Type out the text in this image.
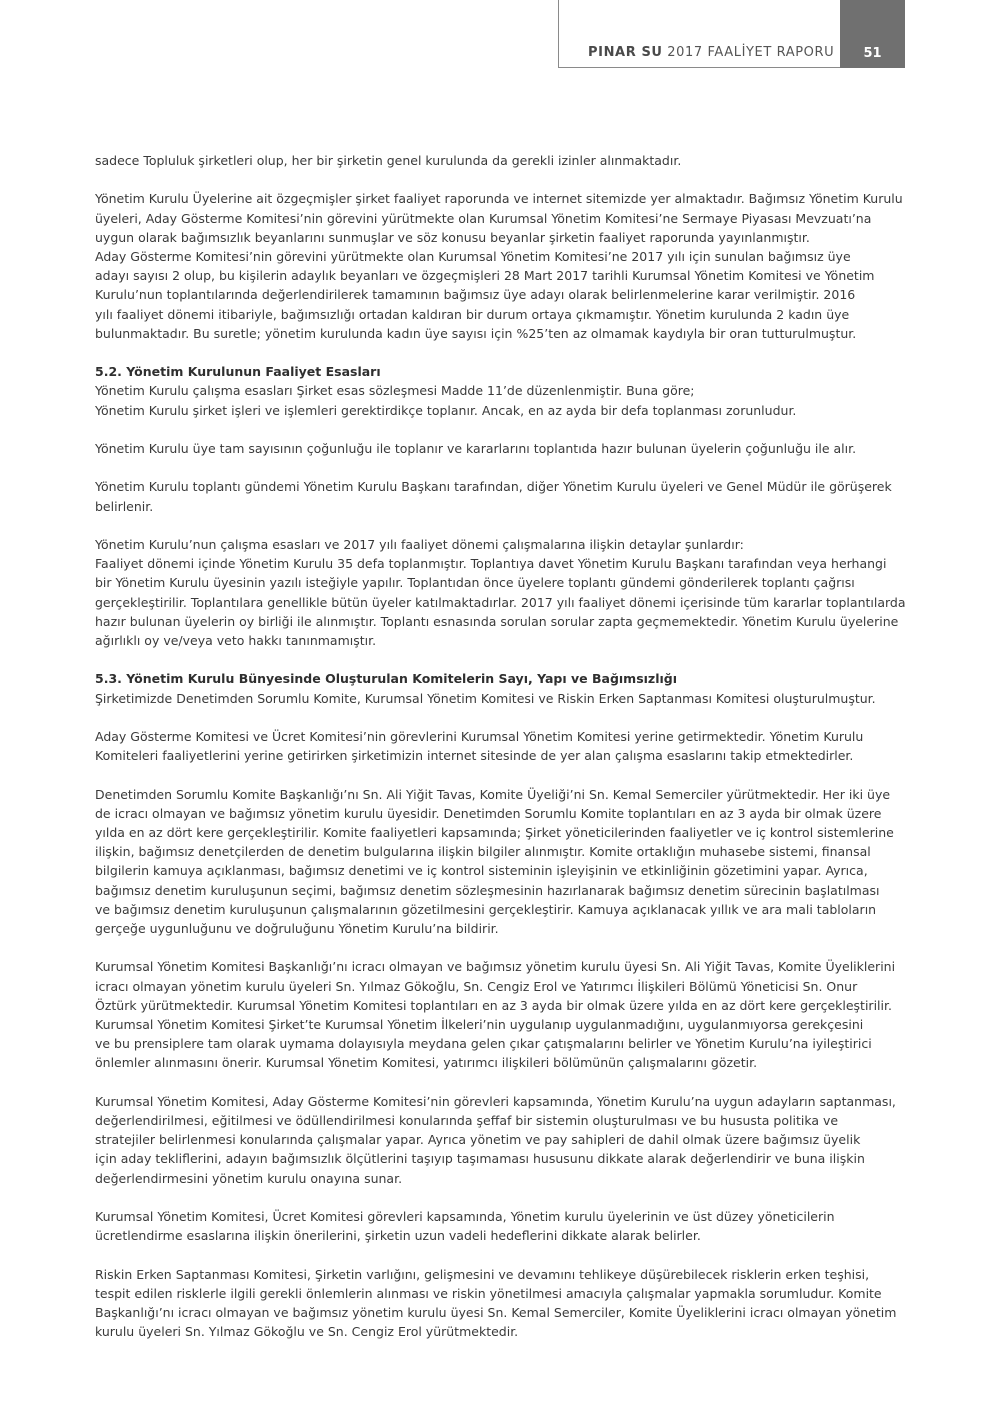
PINAR SU 2017 FAALİYET RAPORU	51

sadece Topluluk şirketleri olup, her bir şirketin genel kurulunda da gerekli izinler alınmaktadır.

Yönetim Kurulu Üyelerine ait özgeçmişler şirket faaliyet raporunda ve internet sitemizde yer almaktadır. Bağımsız Yönetim Kurulu
üyeleri, Aday Gösterme Komitesi’nin görevini yürütmekte olan Kurumsal Yönetim Komitesi’ne Sermaye Piyasası Mevzuatı’na
uygun olarak bağımsızlık beyanlarını sunmuşlar ve söz konusu beyanlar şirketin faaliyet raporunda yayınlanmıştır.
Aday Gösterme Komitesi’nin görevini yürütmekte olan Kurumsal Yönetim Komitesi’ne 2017 yılı için sunulan bağımsız üye
adayı sayısı 2 olup, bu kişilerin adaylık beyanları ve özgeçmişleri 28 Mart 2017 tarihli Kurumsal Yönetim Komitesi ve Yönetim
Kurulu’nun toplantılarında değerlendirilerek tamamının bağımsız üye adayı olarak belirlenmelerine karar verilmiştir. 2016
yılı faaliyet dönemi itibariyle, bağımsızlığı ortadan kaldıran bir durum ortaya çıkmamıştır. Yönetim kurulunda 2 kadın üye
bulunmaktadır. Bu suretle; yönetim kurulunda kadın üye sayısı için %25’ten az olmamak kaydıyla bir oran tutturulmuştur.

5.2. Yönetim Kurulunun Faaliyet Esasları

Yönetim Kurulu çalışma esasları Şirket esas sözleşmesi Madde 11’de düzenlenmiştir. Buna göre;
Yönetim Kurulu şirket işleri ve işlemleri gerektirdikçe toplanır. Ancak, en az ayda bir defa toplanması zorunludur.

Yönetim Kurulu üye tam sayısının çoğunluğu ile toplanır ve kararlarını toplantıda hazır bulunan üyelerin çoğunluğu ile alır.

Yönetim Kurulu toplantı gündemi Yönetim Kurulu Başkanı tarafından, diğer Yönetim Kurulu üyeleri ve Genel Müdür ile görüşerek
belirlenir.

Yönetim Kurulu’nun çalışma esasları ve 2017 yılı faaliyet dönemi çalışmalarına ilişkin detaylar şunlardır:
Faaliyet dönemi içinde Yönetim Kurulu 35 defa toplanmıştır. Toplantıya davet Yönetim Kurulu Başkanı tarafından veya herhangi
bir Yönetim Kurulu üyesinin yazılı isteğiyle yapılır. Toplantıdan önce üyelere toplantı gündemi gönderilerek toplantı çağrısı
gerçekleştirilir. Toplantılara genellikle bütün üyeler katılmaktadırlar. 2017 yılı faaliyet dönemi içerisinde tüm kararlar toplantılarda
hazır bulunan üyelerin oy birliği ile alınmıştır. Toplantı esnasında sorulan sorular zapta geçmemektedir. Yönetim Kurulu üyelerine
ağırlıklı oy ve/veya veto hakkı tanınmamıştır.

5.3. Yönetim Kurulu Bünyesinde Oluşturulan Komitelerin Sayı, Yapı ve Bağımsızlığı

Şirketimizde Denetimden Sorumlu Komite, Kurumsal Yönetim Komitesi ve Riskin Erken Saptanması Komitesi oluşturulmuştur.

Aday Gösterme Komitesi ve Ücret Komitesi’nin görevlerini Kurumsal Yönetim Komitesi yerine getirmektedir. Yönetim Kurulu
Komiteleri faaliyetlerini yerine getirirken şirketimizin internet sitesinde de yer alan çalışma esaslarını takip etmektedirler.

Denetimden Sorumlu Komite Başkanlığı’nı Sn. Ali Yiğit Tavas, Komite Üyeliği’ni Sn. Kemal Semerciler yürütmektedir. Her iki üye
de icracı olmayan ve bağımsız yönetim kurulu üyesidir. Denetimden Sorumlu Komite toplantıları en az 3 ayda bir olmak üzere
yılda en az dört kere gerçekleştirilir. Komite faaliyetleri kapsamında; Şirket yöneticilerinden faaliyetler ve iç kontrol sistemlerine
ilişkin, bağımsız denetçilerden de denetim bulgularına ilişkin bilgiler alınmıştır. Komite ortaklığın muhasebe sistemi, finansal
bilgilerin kamuya açıklanması, bağımsız denetimi ve iç kontrol sisteminin işleyişinin ve etkinliğinin gözetimini yapar. Ayrıca,
bağımsız denetim kuruluşunun seçimi, bağımsız denetim sözleşmesinin hazırlanarak bağımsız denetim sürecinin başlatılması
ve bağımsız denetim kuruluşunun çalışmalarının gözetilmesini gerçekleştirir. Kamuya açıklanacak yıllık ve ara mali tabloların
gerçeğe uygunluğunu ve doğruluğunu Yönetim Kurulu’na bildirir.

Kurumsal Yönetim Komitesi Başkanlığı’nı icracı olmayan ve bağımsız yönetim kurulu üyesi Sn. Ali Yiğit Tavas, Komite Üyeliklerini
icracı olmayan yönetim kurulu üyeleri Sn. Yılmaz Gökoğlu, Sn. Cengiz Erol ve Yatırımcı İlişkileri Bölümü Yöneticisi Sn. Onur
Öztürk yürütmektedir. Kurumsal Yönetim Komitesi toplantıları en az 3 ayda bir olmak üzere yılda en az dört kere gerçekleştirilir.
Kurumsal Yönetim Komitesi Şirket’te Kurumsal Yönetim İlkeleri’nin uygulanıp uygulanmadığını, uygulanmıyorsa gerekçesini
ve bu prensiplere tam olarak uymama dolayısıyla meydana gelen çıkar çatışmalarını belirler ve Yönetim Kurulu’na iyileştirici
önlemler alınmasını önerir. Kurumsal Yönetim Komitesi, yatırımcı ilişkileri bölümünün çalışmalarını gözetir.

Kurumsal Yönetim Komitesi, Aday Gösterme Komitesi’nin görevleri kapsamında, Yönetim Kurulu’na uygun adayların saptanması,
değerlendirilmesi, eğitilmesi ve ödüllendirilmesi konularında şeffaf bir sistemin oluşturulması ve bu hususta politika ve
stratejiler belirlenmesi konularında çalışmalar yapar. Ayrıca yönetim ve pay sahipleri de dahil olmak üzere bağımsız üyelik
için aday tekliflerini, adayın bağımsızlık ölçütlerini taşıyıp taşımaması hususunu dikkate alarak değerlendirir ve buna ilişkin
değerlendirmesini yönetim kurulu onayına sunar.

Kurumsal Yönetim Komitesi, Ücret Komitesi görevleri kapsamında, Yönetim kurulu üyelerinin ve üst düzey yöneticilerin
ücretlendirme esaslarına ilişkin önerilerini, şirketin uzun vadeli hedeflerini dikkate alarak belirler.

Riskin Erken Saptanması Komitesi, Şirketin varlığını, gelişmesini ve devamını tehlikeye düşürebilecek risklerin erken teşhisi,
tespit edilen risklerle ilgili gerekli önlemlerin alınması ve riskin yönetilmesi amacıyla çalışmalar yapmakla sorumludur. Komite
Başkanlığı’nı icracı olmayan ve bağımsız yönetim kurulu üyesi Sn. Kemal Semerciler, Komite Üyeliklerini icracı olmayan yönetim
kurulu üyeleri Sn. Yılmaz Gökoğlu ve Sn. Cengiz Erol yürütmektedir.
